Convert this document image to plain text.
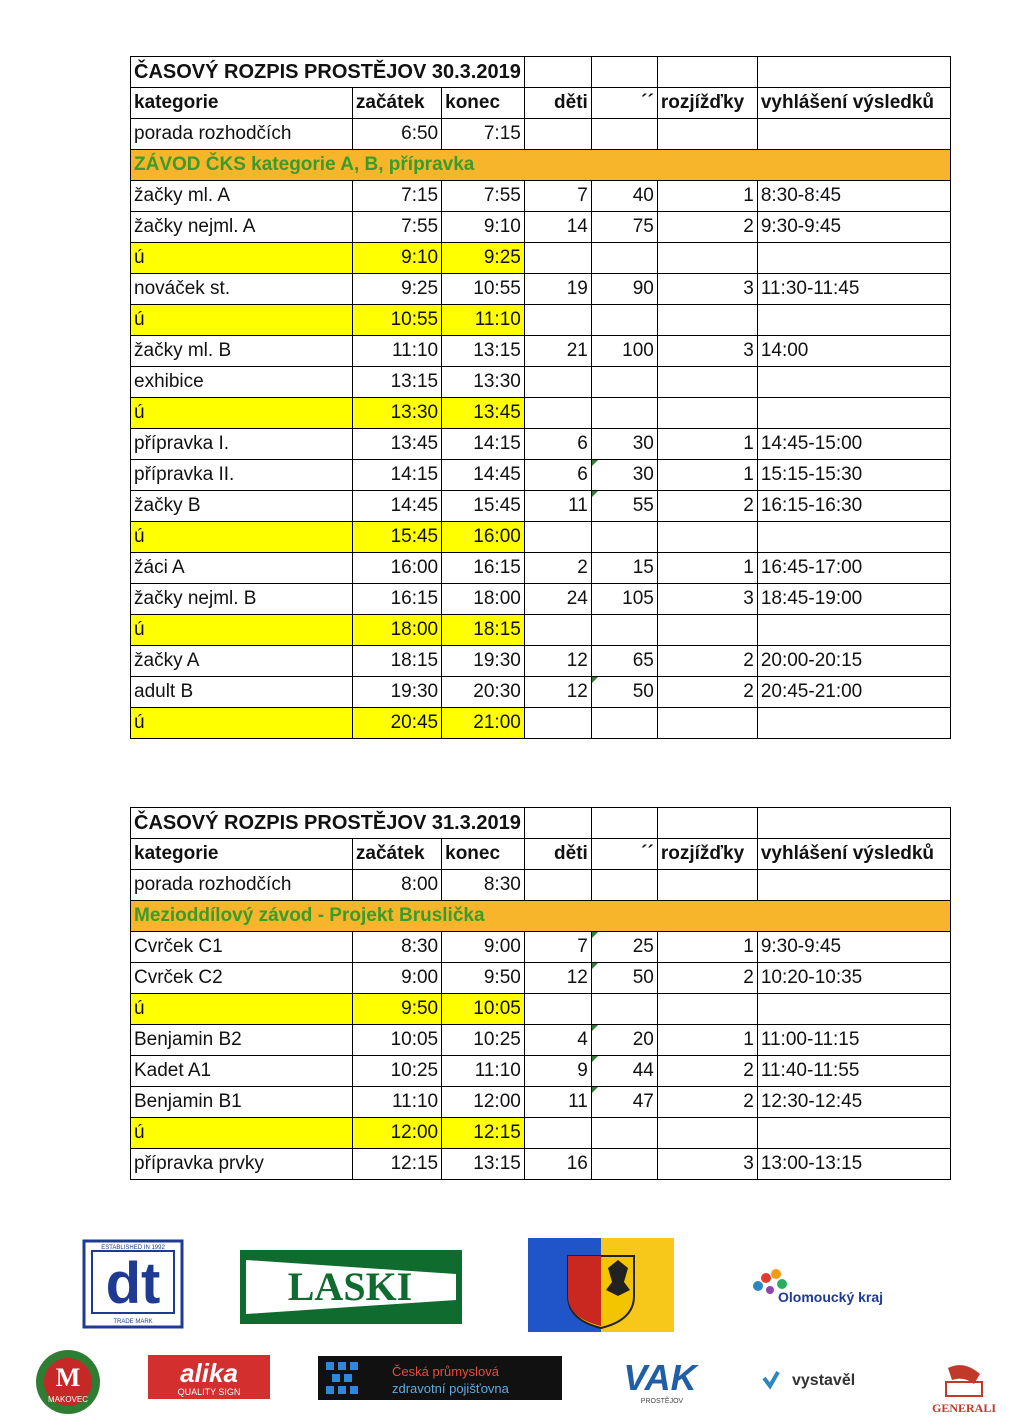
ČASOVÝ ROZPIS PROSTĚJOV 30.3.2019						
kategorie	začátek	konec	děti	´´	rozjížďky	vyhlášení výsledků
porada rozhodčích	6:50	7:15				
ZÁVOD ČKS kategorie A, B, přípravka						
žačky ml. A	7:15	7:55	7	40	1	8:30-8:45
žačky nejml. A	7:55	9:10	14	75	2	9:30-9:45
ú	9:10	9:25				
nováček st.	9:25	10:55	19	90	3	11:30-11:45
ú	10:55	11:10				
žačky ml. B	11:10	13:15	21	100	3	14:00
exhibice	13:15	13:30				
ú	13:30	13:45				
přípravka I.	13:45	14:15	6	30	1	14:45-15:00
přípravka II.	14:15	14:45	6	30	1	15:15-15:30
žačky B	14:45	15:45	11	55	2	16:15-16:30
ú	15:45	16:00				
žáci A	16:00	16:15	2	15	1	16:45-17:00
žačky nejml. B	16:15	18:00	24	105	3	18:45-19:00
ú	18:00	18:15				
žačky A	18:15	19:30	12	65	2	20:00-20:15
adult B	19:30	20:30	12	50	2	20:45-21:00
ú	20:45	21:00				
ČASOVÝ ROZPIS PROSTĚJOV 31.3.2019						
kategorie	začátek	konec	děti	´´	rozjížďky	vyhlášení výsledků
porada rozhodčích	8:00	8:30				
Mezioddílový závod - Projekt Bruslička						
Cvrček C1	8:30	9:00	7	25	1	9:30-9:45
Cvrček C2	9:00	9:50	12	50	2	10:20-10:35
ú	9:50	10:05				
Benjamin B2	10:05	10:25	4	20	1	11:00-11:15
Kadet A1	10:25	11:10	9	44	2	11:40-11:55
Benjamin B1	11:10	12:00	11	47	2	12:30-12:45
ú	12:00	12:15				
přípravka prvky	12:15	13:15	16		3	13:00-13:15
dt
ESTABLISHED IN 1992
TRADE MARK
LASKI	Olomoucký kraj
M
MAKOVEC
alika
QUALITY SIGN
Česká průmyslová
zdravotní pojišťovna	VAK
PROSTĚJOV
vystavěl
GENERALI
